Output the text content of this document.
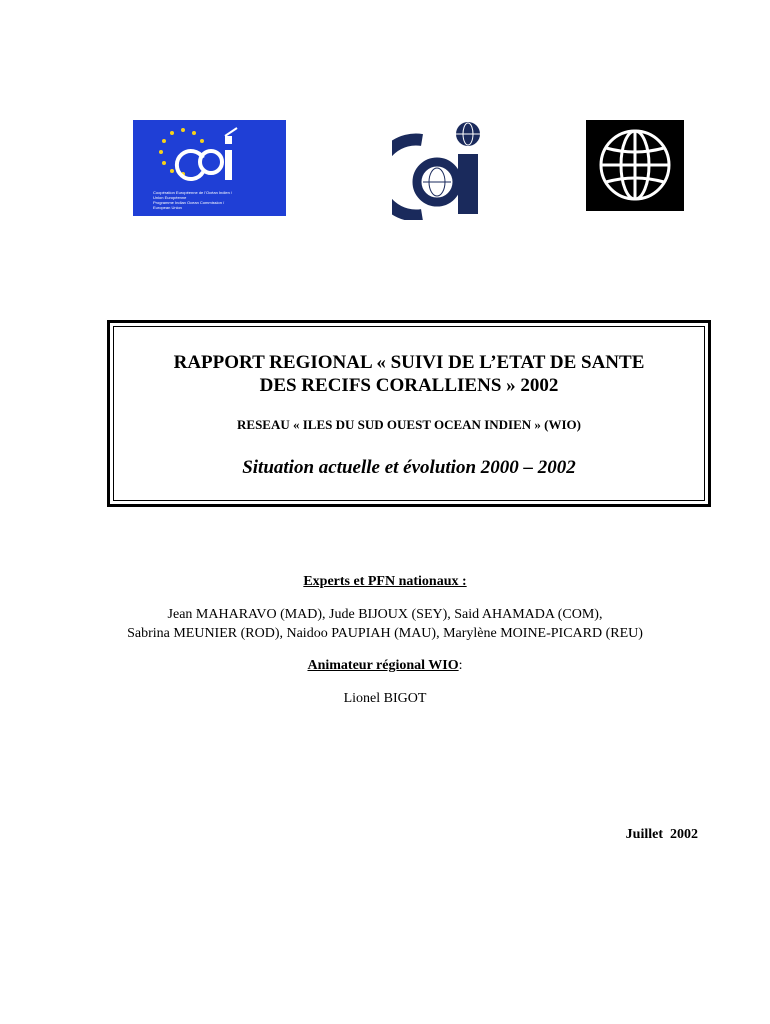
Coopération Européenne de l'Océan Indien /
Union Européenne
Programme Indian Ocean Commission /
European Union
RAPPORT REGIONAL « SUIVI DE L’ETAT DE SANTE
DES RECIFS CORALLIENS » 2002
RESEAU « ILES DU SUD OUEST OCEAN INDIEN » (WIO)
Situation actuelle et évolution 2000 – 2002
Experts et PFN nationaux :
Jean MAHARAVO (MAD), Jude BIJOUX (SEY), Said AHAMADA (COM),
Sabrina MEUNIER (ROD), Naidoo PAUPIAH (MAU), Marylène MOINE-PICARD (REU)
Animateur régional WIO:
Lionel BIGOT
Juillet  2002
